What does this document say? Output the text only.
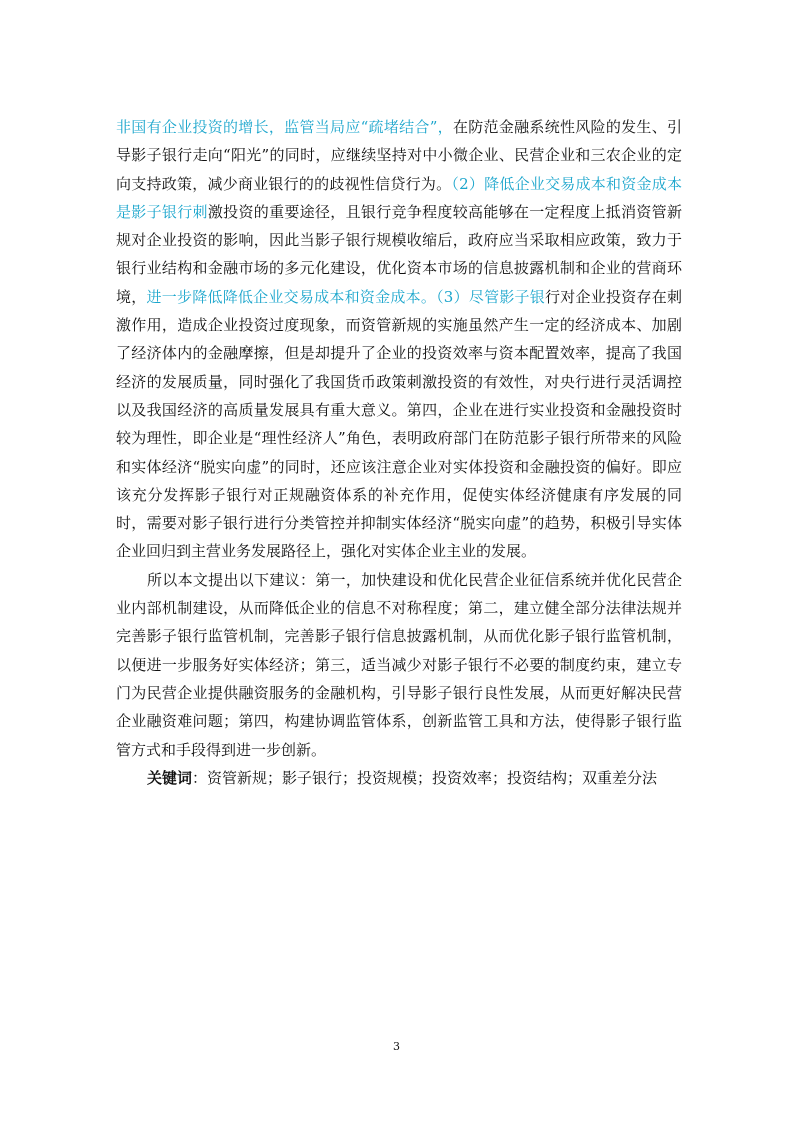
非国有企业投资的增长，监管当局应“疏堵结合”，在防范金融系统性风险的发生、引导影子银行走向“阳光”的同时，应继续坚持对中小微企业、民营企业和三农企业的定向支持政策，减少商业银行的的歧视性信贷行为。（2）降低企业交易成本和资金成本是影子银行刺激投资的重要途径，且银行竞争程度较高能够在一定程度上抵消资管新规对企业投资的影响，因此当影子银行规模收缩后，政府应当采取相应政策，致力于银行业结构和金融市场的多元化建设，优化资本市场的信息披露机制和企业的营商环境，进一步降低降低企业交易成本和资金成本。（3）尽管影子银行对企业投资存在刺激作用，造成企业投资过度现象，而资管新规的实施虽然产生一定的经济成本、加剧了经济体内的金融摩擦，但是却提升了企业的投资效率与资本配置效率，提高了我国经济的发展质量，同时强化了我国货币政策刺激投资的有效性，对央行进行灵活调控以及我国经济的高质量发展具有重大意义。第四，企业在进行实业投资和金融投资时较为理性，即企业是“理性经济人”角色，表明政府部门在防范影子银行所带来的风险和实体经济“脱实向虚”的同时，还应该注意企业对实体投资和金融投资的偏好。即应该充分发挥影子银行对正规融资体系的补充作用，促使实体经济健康有序发展的同时，需要对影子银行进行分类管控并抑制实体经济“脱实向虚”的趋势，积极引导实体企业回归到主营业务发展路径上，强化对实体企业主业的发展。

所以本文提出以下建议：第一，加快建设和优化民营企业征信系统并优化民营企业内部机制建设，从而降低企业的信息不对称程度；第二，建立健全部分法律法规并完善影子银行监管机制，完善影子银行信息披露机制，从而优化影子银行监管机制，以便进一步服务好实体经济；第三，适当减少对影子银行不必要的制度约束，建立专门为民营企业提供融资服务的金融机构，引导影子银行良性发展，从而更好解决民营企业融资难问题；第四，构建协调监管体系，创新监管工具和方法，使得影子银行监管方式和手段得到进一步创新。

关键词：资管新规；影子银行；投资规模；投资效率；投资结构；双重差分法

3
